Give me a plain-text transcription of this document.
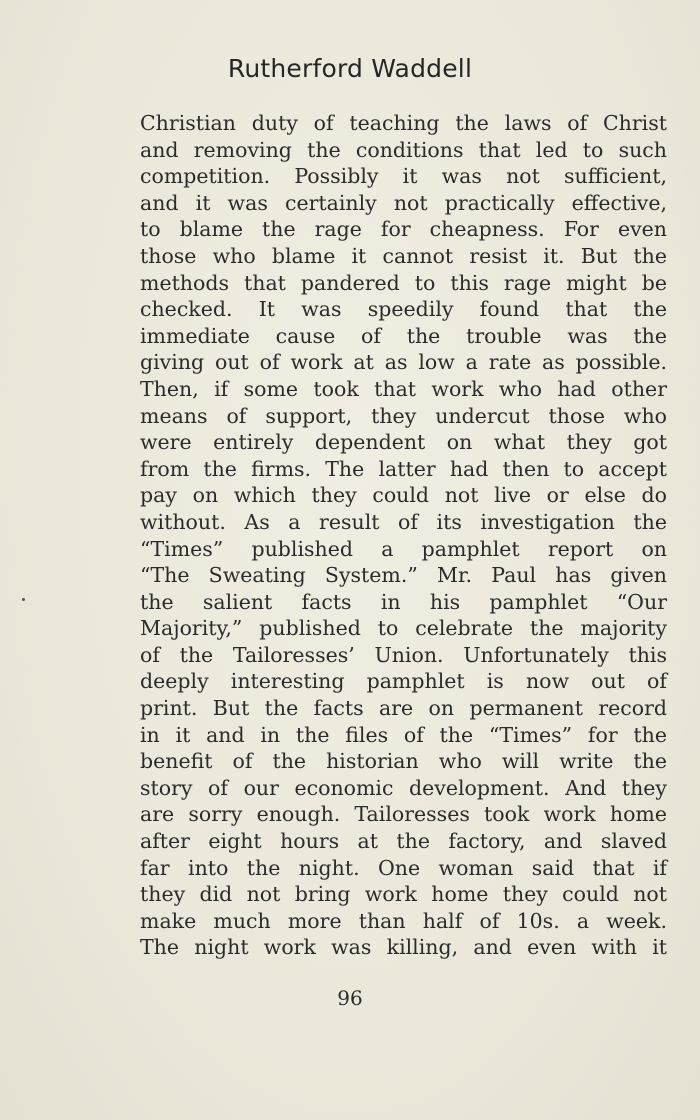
Rutherford Waddell
Christian duty of teaching the laws of Christ
and removing the conditions that led to such
competition. Possibly it was not sufficient,
and it was certainly not practically effective,
to blame the rage for cheapness. For even
those who blame it cannot resist it. But the
methods that pandered to this rage might be
checked. It was speedily found that the
immediate cause of the trouble was the
giving out of work at as low a rate as possible.
Then, if some took that work who had other
means of support, they undercut those who
were entirely dependent on what they got
from the firms. The latter had then to accept
pay on which they could not live or else do
without. As a result of its investigation the
“Times” published a pamphlet report on
“The Sweating System.” Mr. Paul has given
the salient facts in his pamphlet “Our
Majority,” published to celebrate the majority
of the Tailoresses’ Union. Unfortunately this
deeply interesting pamphlet is now out of
print. But the facts are on permanent record
in it and in the files of the “Times” for the
benefit of the historian who will write the
story of our economic development. And they
are sorry enough. Tailoresses took work home
after eight hours at the factory, and slaved
far into the night. One woman said that if
they did not bring work home they could not
make much more than half of 10s. a week.
The night work was killing, and even with it
96
